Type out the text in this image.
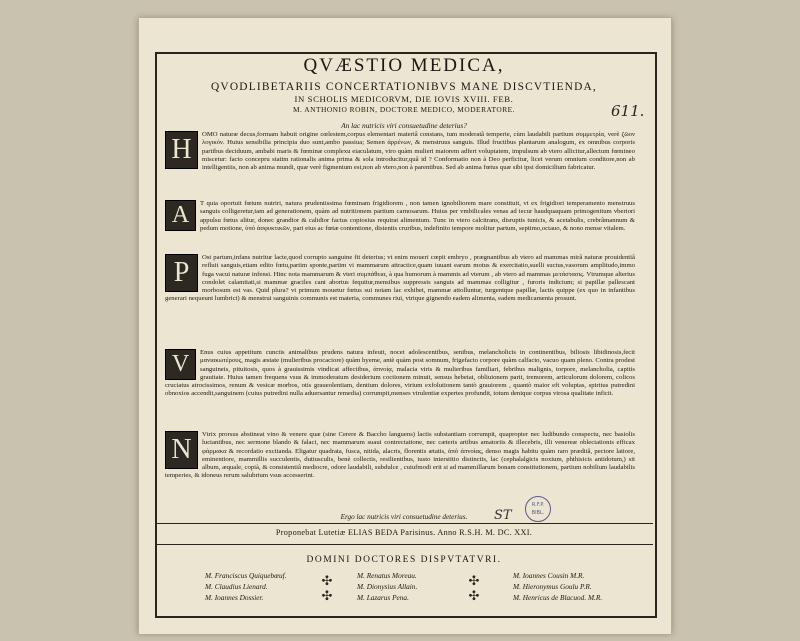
QVÆSTIO MEDICA,
QVODLIBETARIIS CONCERTATIONIBVS MANE DISCVTIENDA,
IN SCHOLIS MEDICORVM, DIE IOVIS XVIII. FEB.
M. ANTHONIO ROBIN, DOCTORE MEDICO, MODERATORE.	611.
An lac nutricis viri consuetudine deterius?
H	OMO naturæ decus,formam habuit origine cœlestem,corpus elementari materiâ constans, tum moderatâ temperie, cùm laudabili partium συμμετρία, verè ζῶον λογικόν. Huius sensibilia principia duo sunt,ambo passiua; Semen ἀρρένων, & menstruus sanguis. Illud fructibus plantarum analogum, ex omnibus corporis partibus deciduum, ambabi maris & fœminæ complexu eiaculatum, viro quàm mulieri maiorem adfert voluptatem, impulsum ab vtero allicitur,allectum fœmineo miscetur: facto concepru statim rationalis anima prima & sola introducitur,quâ id ? Conformatio non à Deo perficitur, licet verum omnium conditore,non ab intelligentiis, non ab anima mundi, quæ verè figmentum est,non ab vtero,non à parentibus. Sed ab anima fœtus quæ sibi ipsi domicilium fabricatur.
A	T quia oportuit fœtum nutriri, natura prudentissima fœminam frigidiorem , non tamen ignobiliorem mare constituit, vt ex frigidiori temperamento menstruus sanguis colligeretur,tam ad generationem, quàm ad nutritionem partium carnosarum. Huius per vmbilicales venas ad iecur haudquaquam primogenitum vberiori appulsu fœtus alitur, donec grandior & calidior factus copiosius requirat alimentum. Tunc in vtero calcitrans, disruptis tunicis, & acetabulis, crebrâmannum & pedum motione, ὑπὸ ἀσφυκτικῶν, pari eius ac fœtæ contentione, distentis cruribus, indefinito tempore molitur partum, septimo,octauo, & nono mense vitalem.
P	Ost partum,infans nutritur lacte,quod corrupto sanguine fit deterius; vt enim moueri cœpit embryo , prægnantibus ab vtero ad mammas mirâ naturæ prouidentiâ refluit sanguis,etiam edito fœtu,partim sponte,partim vi mammarum attractice,quam iuuant earum motus & exercitatio,suelli suctus,vasorum amplitudo,immo fuga vacui naturæ infensi. Hinc nota mammarum & vteri συμπάθεια, à qua humorum à mammis ad vterum , ab vtero ad mammas μετάστασις. Vtrumque alterius condolet calamitati,si mammæ graciles cant abortus fequitur,mensibus suppressis sanguis ad mammas colligitur , furoris indicium; si papillæ pallescant morbosum est vas. Quid plura? vt primum mouetur fœtus sui notam lac exhibet, mammæ attolluntur, turgentque papillæ, lactis quippe (ex quo in infantibus generari nequeunt lumbrici) & menstrui sanguinis communis est materia, communes riui, vtrique gignendo eadem alimenta, eadem medicamenta prosunt.
V	Enus cuius appetitum cunctis animalibus prudens natura infeuit, nocet adolescentibus, senibus, melancholicis in continentibus, biliosis libidinosis,fecit μανιακωτέρους, magis æstate (mulieribus procaciore) quàm hyeme, antè quàm post somnum, frigefacto corpore quàm calfacto, vacuo quam pleno. Contra prodest sanguineis, pituitosis, quos à grauissimis vindicat affectibus, ἀπνοίᾳ, malacia viris & mulieribus familiari, febribus malignis, torpore, melancholia, capitis grauitate. Huius tamen frequens vsus & immoderatum desiderium coctionem minuit, sensus hebetat, obliuionem parit, tremorem, articulorum dolorem, colicos cruciatus atrocissimos, renum & vesicæ morbos, otis graueolentiam, dentium dolores, virium exfolutionem tantò grauiorem , quantò maior eft voluptas, spiritus putredini obnoxios accendit,sanguinem (cuius putredini nulla aduersantur remedia) corrumpit,menses virulentiæ expertes profundit, totum denique corpus virosa qualitate inficit.
N	Vtrix prorsus abstineat vino & venere quæ (sine Cerere & Baccho languens) lactis substantiam corrumpit, quapropter nec ludibundo conspectu, nec basiolis luctantibus, nec sermone blando & falaci, nec mammarum suaui contrectatione, nec cæteris artibus amatoriis & illecebris, illi venereæ oblectationis efficax φάρμακα & recordatio excitanda. Eligatur quadrata, fusca, nitida, alacris, florentis ætatis, ἀπὸ ἀπνοίας, denso magis habitu quàm raro præditâ, pectore latiore, eminentiore, mammillis succulentis, dutiusculis, benè collectis, resilientibus, iusto interstitio distinctis, lac (cephalalgicis noxium, phthisicis antidotum,) sit album, æquale, copià, & consistentiâ mediocre, odore laudabili, subdulce , cuiufmodi erit si ad mammillarum bonam constitutionem, partium nobilium laudabilis temperies, & idoneus rerum salubrium vsus accesserint.
Ergo lac nutricis viri consuetudine deterius.	ST
R.F.P. BIBL.
Proponebat Lutetiæ ELIAS BEDA Parisinus. Anno R.S.H. M. DC. XXI.
DOMINI DOCTORES DISPVTATVRI.
M. Franciscus Quiquebœuf.
M. Claudius Lienard.
M. Ioannes Dossier.
✣
✣
M. Renatus Moreau.
M. Dionysius Allain.
M. Lazarus Pena.
✣
✣
M. Ioannes Cousin M.R.
M. Hieronymus Goulu P.R.
M. Henricus de Blacuod. M.R.
